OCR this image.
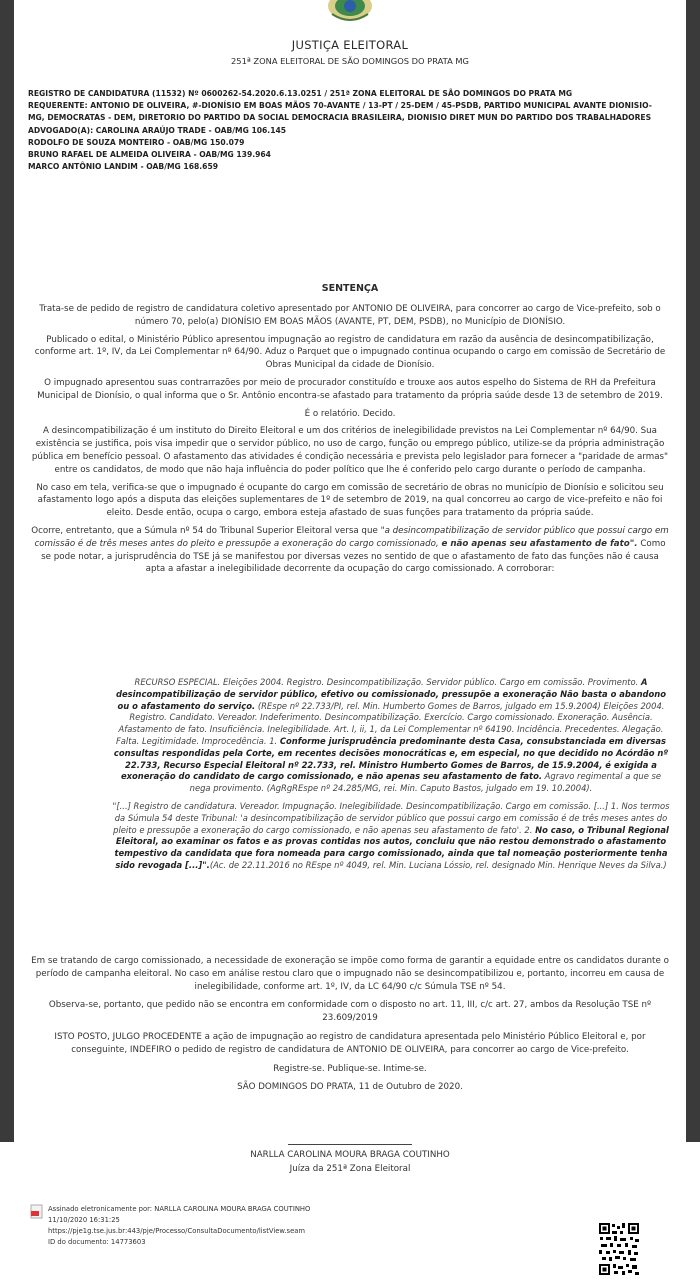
JUSTIÇA ELEITORAL
251ª ZONA ELEITORAL DE SÃO DOMINGOS DO PRATA MG
REGISTRO DE CANDIDATURA (11532) Nº 0600262-54.2020.6.13.0251 / 251ª ZONA ELEITORAL DE SÃO DOMINGOS DO PRATA MG
REQUERENTE: ANTONIO DE OLIVEIRA, #-DIONÍSIO EM BOAS MÃOS 70-AVANTE / 13-PT / 25-DEM / 45-PSDB, PARTIDO MUNICIPAL AVANTE DIONISIO-
MG, DEMOCRATAS - DEM, DIRETORIO DO PARTIDO DA SOCIAL DEMOCRACIA BRASILEIRA, DIONISIO DIRET MUN DO PARTIDO DOS TRABALHADORES
ADVOGADO(A): CAROLINA ARAÚJO TRADE - OAB/MG 106.145
RODOLFO DE SOUZA MONTEIRO - OAB/MG 150.079
BRUNO RAFAEL DE ALMEIDA OLIVEIRA - OAB/MG 139.964
MARCO ANTÔNIO LANDIM - OAB/MG 168.659
SENTENÇA

Trata-se de pedido de registro de candidatura coletivo apresentado por ANTONIO DE OLIVEIRA, para concorrer ao cargo de Vice-prefeito, sob o número 70, pelo(a) DIONÍSIO EM BOAS MÃOS (AVANTE, PT, DEM, PSDB), no Município de DIONÍSIO.

Publicado o edital, o Ministério Público apresentou impugnação ao registro de candidatura em razão da ausência de desincompatibilização, conforme art. 1º, IV, da Lei Complementar nº 64/90. Aduz o Parquet que o impugnado continua ocupando o cargo em comissão de Secretário de Obras Municipal da cidade de Dionísio.

O impugnado apresentou suas contrarrazões por meio de procurador constituído e trouxe aos autos espelho do Sistema de RH da Prefeitura Municipal de Dionísio, o qual informa que o Sr. Antônio encontra-se afastado para tratamento da própria saúde desde 13 de setembro de 2019.

É o relatório. Decido.

A desincompatibilização é um instituto do Direito Eleitoral e um dos critérios de inelegibilidade previstos na Lei Complementar nº 64/90. Sua existência se justifica, pois visa impedir que o servidor público, no uso de cargo, função ou emprego público, utilize-se da própria administração pública em benefício pessoal. O afastamento das atividades é condição necessária e prevista pelo legislador para fornecer a "paridade de armas" entre os candidatos, de modo que não haja influência do poder político que lhe é conferido pelo cargo durante o período de campanha.

No caso em tela, verifica-se que o impugnado é ocupante do cargo em comissão de secretário de obras no município de Dionísio e solicitou seu afastamento logo após a disputa das eleições suplementares de 1º de setembro de 2019, na qual concorreu ao cargo de vice-prefeito e não foi eleito. Desde então, ocupa o cargo, embora esteja afastado de suas funções para tratamento da própria saúde.

Ocorre, entretanto, que a Súmula nº 54 do Tribunal Superior Eleitoral versa que "a desincompatibilização de servidor público que possui cargo em comissão é de três meses antes do pleito e pressupõe a exoneração do cargo comissionado, e não apenas seu afastamento de fato". Como se pode notar, a jurisprudência do TSE já se manifestou por diversas vezes no sentido de que o afastamento de fato das funções não é causa apta a afastar a inelegibilidade decorrente da ocupação do cargo comissionado. A corroborar:

RECURSO ESPECIAL. Eleições 2004. Registro. Desincompatibilização. Servidor público. Cargo em comissão. Provimento. A desincompatibilização de servidor público, efetivo ou comissionado, pressupõe a exoneração Não basta o abandono ou o afastamento do serviço. (REspe nº 22.733/PI, rel. Min. Humberto Gomes de Barros, julgado em 15.9.2004) Eleições 2004. Registro. Candidato. Vereador. Indeferimento. Desincompatibilização. Exercício. Cargo comissionado. Exoneração. Ausência. Afastamento de fato. Insuficiência. Inelegibilidade. Art. I, ii, 1, da Lei Complementar nº 64190. Incidência. Precedentes. Alegação. Falta. Legitimidade. Improcedência. 1. Conforme jurisprudência predominante desta Casa, consubstanciada em diversas consultas respondidas pela Corte, em recentes decisões monocráticas e, em especial, no que decidido no Acórdão nº 22.733, Recurso Especial Eleitoral nº 22.733, rel. Ministro Humberto Gomes de Barros, de 15.9.2004, é exigida a exoneração do candidato de cargo comissionado, e não apenas seu afastamento de fato. Agravo regimental a que se nega provimento. (AgRgREspe nº 24.285/MG, rei. Min. Caputo Bastos, julgado em 19. 10.2004).

"[...] Registro de candidatura. Vereador. Impugnação. Inelegibilidade. Desincompatibilização. Cargo em comissão. [...] 1. Nos termos da Súmula 54 deste Tribunal: 'a desincompatibilização de servidor público que possui cargo em comissão é de três meses antes do pleito e pressupõe a exoneração do cargo comissionado, e não apenas seu afastamento de fato'. 2. No caso, o Tribunal Regional Eleitoral, ao examinar os fatos e as provas contidas nos autos, concluiu que não restou demonstrado o afastamento tempestivo da candidata que fora nomeada para cargo comissionado, ainda que tal nomeação posteriormente tenha sido revogada [...]".(Ac. de 22.11.2016 no REspe nº 4049, rel. Min. Luciana Lóssio, rel. designado Min. Henrique Neves da Silva.)

Em se tratando de cargo comissionado, a necessidade de exoneração se impõe como forma de garantir a equidade entre os candidatos durante o período de campanha eleitoral. No caso em análise restou claro que o impugnado não se desincompatibilizou e, portanto, incorreu em causa de inelegibilidade, conforme art. 1º, IV, da LC 64/90 c/c Súmula TSE nº 54.

Observa-se, portanto, que pedido não se encontra em conformidade com o disposto no art. 11, III, c/c art. 27, ambos da Resolução TSE nº 23.609/2019

ISTO POSTO, JULGO PROCEDENTE a ação de impugnação ao registro de candidatura apresentada pelo Ministério Público Eleitoral e, por conseguinte, INDEFIRO o pedido de registro de candidatura de ANTONIO DE OLIVEIRA, para concorrer ao cargo de Vice-prefeito.

Registre-se. Publique-se. Intime-se.

SÃO DOMINGOS DO PRATA, 11 de Outubro de 2020.

NARLLA CAROLINA MOURA BRAGA COUTINHO
Juíza da 251ª Zona Eleitoral
Assinado eletronicamente por: NARLLA CAROLINA MOURA BRAGA COUTINHO
11/10/2020 16:31:25
https://pje1g.tse.jus.br:443/pje/Processo/ConsultaDocumento/listView.seam
ID do documento: 14773603
